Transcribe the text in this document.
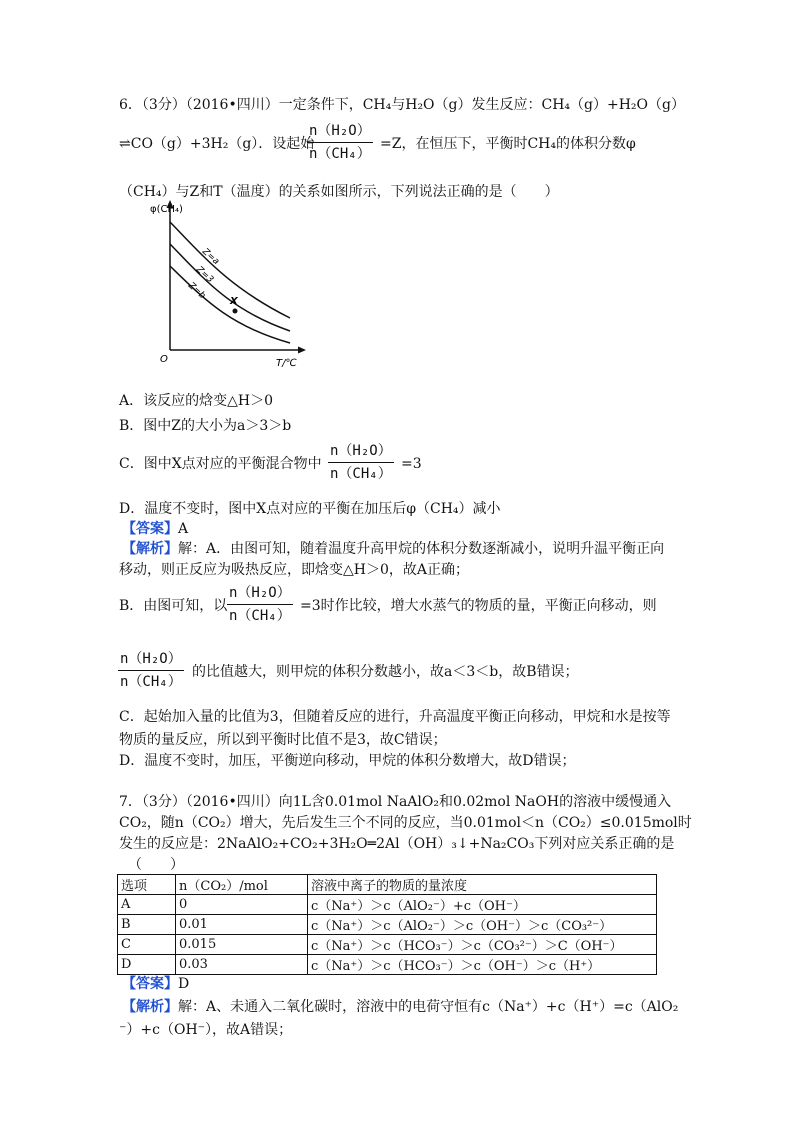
6．（3分）（2016•四川）一定条件下，CH₄与H₂O（g）发生反应：CH₄（g）+H₂O（g）
⇌CO（g）+3H₂（g）．设起始
n（H₂O）
n（CH₄）
=Z，在恒压下，平衡时CH₄的体积分数φ
（CH₄）与Z和T（温度）的关系如图所示，下列说法正确的是（　　）
φ(CH₄)
O	T/℃
Z=a
Z=3
Z=b
X
A．该反应的焓变△H＞0
B．图中Z的大小为a＞3＞b
C．图中X点对应的平衡混合物中
n（H₂O）
n（CH₄）
=3
D．温度不变时，图中X点对应的平衡在加压后φ（CH₄）减小
【答案】A
【解析】解：A．由图可知，随着温度升高甲烷的体积分数逐渐减小，说明升温平衡正向
移动，则正反应为吸热反应，即焓变△H＞0，故A正确；
B．由图可知，以
n（H₂O）
n（CH₄）
=3时作比较，增大水蒸气的物质的量，平衡正向移动，则
n（H₂O）
n（CH₄）
的比值越大，则甲烷的体积分数越小，故a＜3＜b，故B错误；
C．起始加入量的比值为3，但随着反应的进行，升高温度平衡正向移动，甲烷和水是按等
物质的量反应，所以到平衡时比值不是3，故C错误；
D．温度不变时，加压，平衡逆向移动，甲烷的体积分数增大，故D错误；
7．（3分）（2016•四川）向1L含0.01mol NaAlO₂和0.02mol NaOH的溶液中缓慢通入
CO₂，随n（CO₂）增大，先后发生三个不同的反应，当0.01mol＜n（CO₂）≤0.015mol时
发生的反应是：2NaAlO₂+CO₂+3H₂O═2Al（OH）₃↓+Na₂CO₃下列对应关系正确的是
（　　）
选项	n（CO₂）/mol	溶液中离子的物质的量浓度
A	0	c（Na⁺）＞c（AlO₂⁻）+c（OH⁻）
B	0.01	c（Na⁺）＞c（AlO₂⁻）＞c（OH⁻）＞c（CO₃²⁻）
C	0.015	c（Na⁺）＞c（HCO₃⁻）＞c（CO₃²⁻）＞C（OH⁻）
D	0.03	c（Na⁺）＞c（HCO₃⁻）＞c（OH⁻）＞c（H⁺）
【答案】D
【解析】解：A、未通入二氧化碳时，溶液中的电荷守恒有c（Na⁺）+c（H⁺）=c（AlO₂
⁻）+c（OH⁻），故A错误；
